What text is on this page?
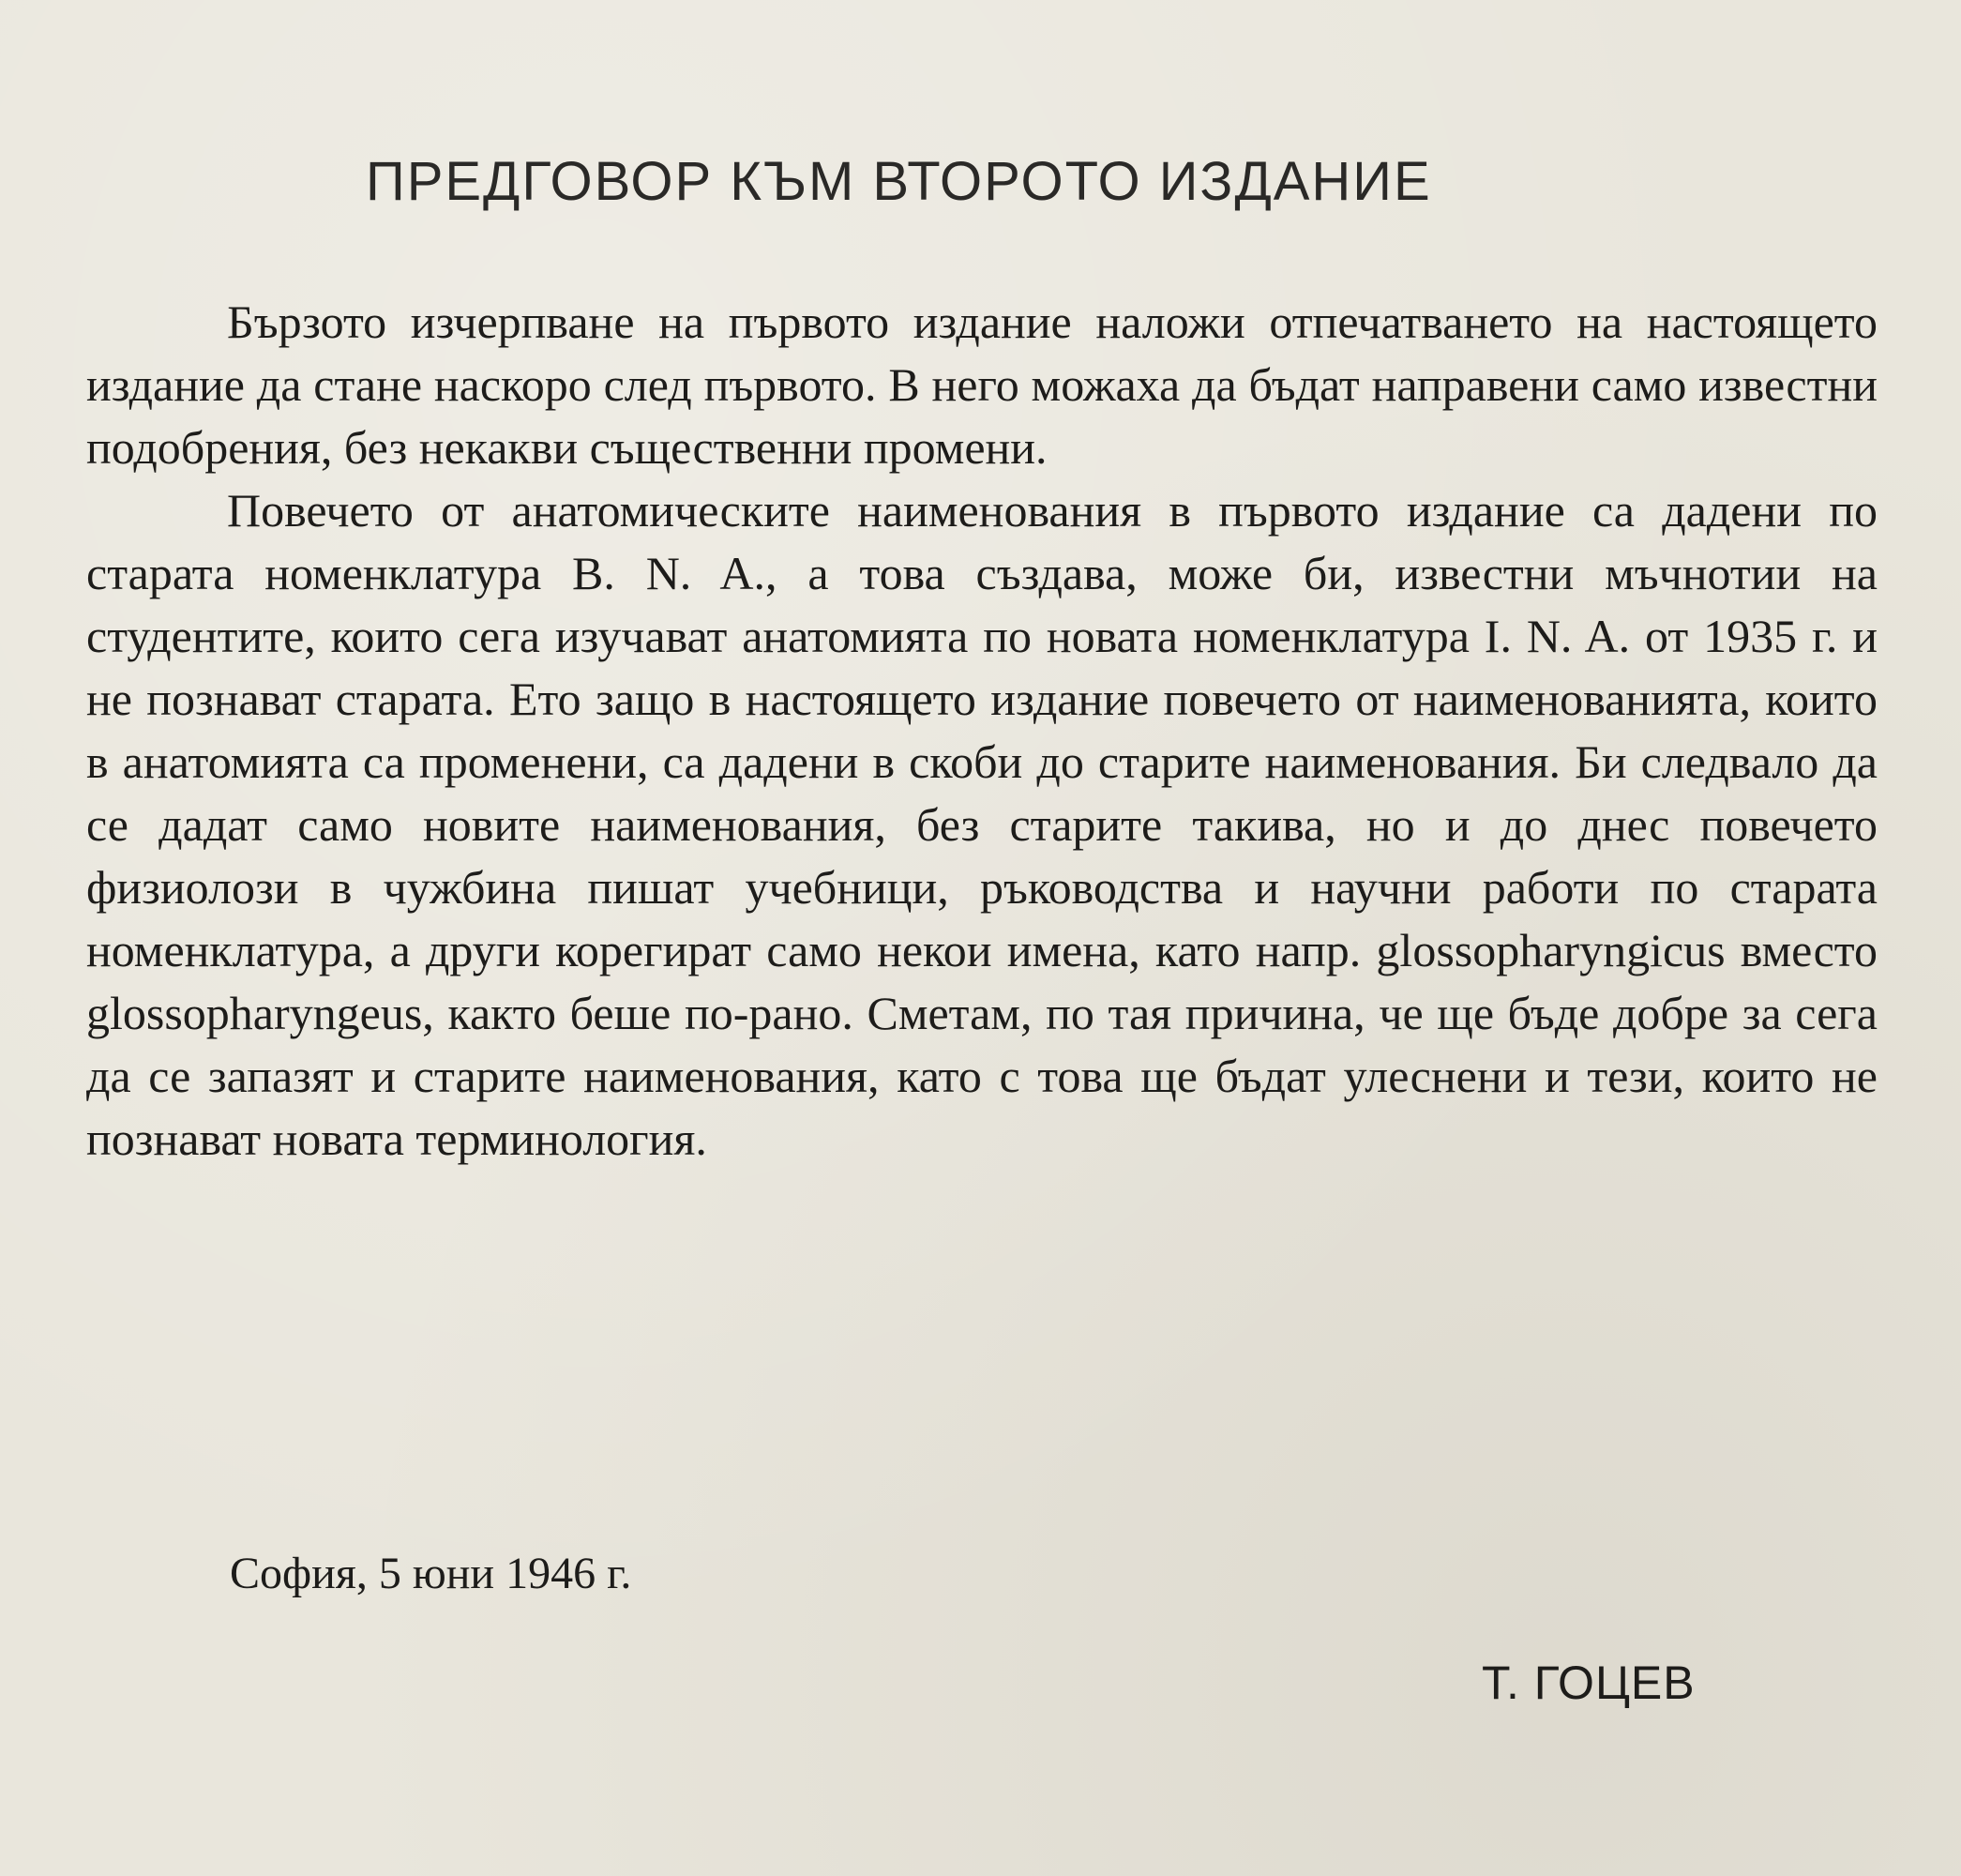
ПРЕДГОВОР КЪМ ВТОРОТО ИЗДАНИЕ

Бързото изчерпване на първото издание наложи отпечатването на настоящето издание да стане наскоро след първото. В него можаха да бъдат направени само известни подобрения, без некакви същественни промени.

Повечето от анатомическите наименования в първото издание са дадени по старата номенклатура B. N. A., а това създава, може би, известни мъчнотии на студентите, които сега изучават анатомията по новата номенклатура I. N. A. от 1935 г. и не познават старата. Ето защо в настоящето издание повечето от наименованията, които в анатомията са променени, са дадени в скоби до старите наименования. Би следвало да се дадат само новите наименования, без старите такива, но и до днес повечето физиолози в чужбина пишат учебници, ръководства и научни работи по старата номенклатура, а други корегират само некои имена, като напр. glossopharyngicus вместо glossopharyngeus, както беше по-рано. Сметам, по тая причина, че ще бъде добре за сега да се запазят и старите наименования, като с това ще бъдат улеснени и тези, които не познават новата терминология.

София, 5 юни 1946 г.
Т. ГОЦЕВ
